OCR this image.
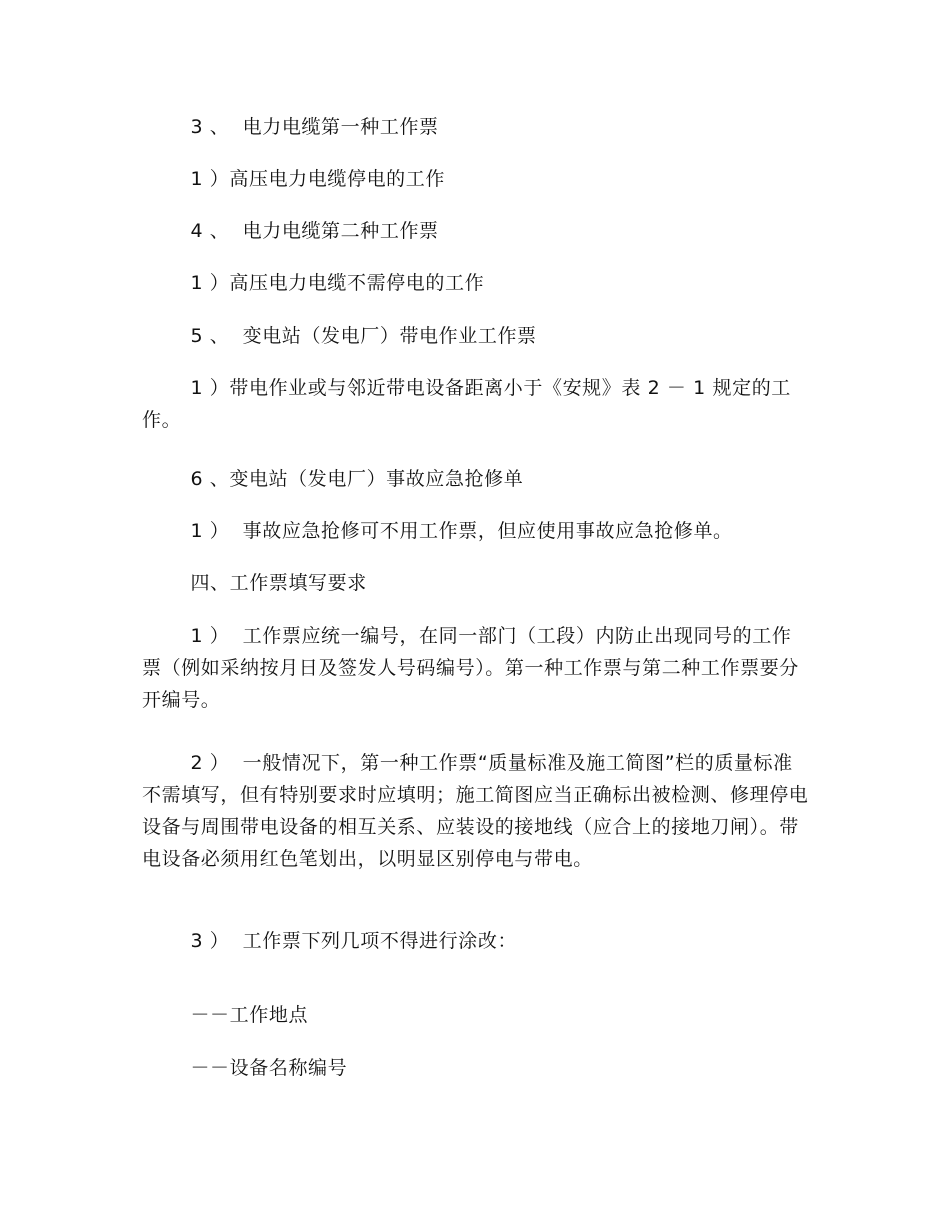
3 、  电力电缆第一种工作票

1 ）高压电力电缆停电的工作

4 、  电力电缆第二种工作票

1 ）高压电力电缆不需停电的工作

5 、  变电站（发电厂）带电作业工作票

1 ）带电作业或与邻近带电设备距离小于《安规》表 2 － 1 规定的工作。

6 、变电站（发电厂）事故应急抢修单

1 ）  事故应急抢修可不用工作票，但应使用事故应急抢修单。

四、工作票填写要求

1 ）  工作票应统一编号，在同一部门（工段）内防止出现同号的工作票（例如采纳按月日及签发人号码编号）。第一种工作票与第二种工作票要分开编号。

2 ）  一般情况下，第一种工作票“质量标准及施工简图”栏的质量标准不需填写，但有特别要求时应填明；施工简图应当正确标出被检测、修理停电设备与周围带电设备的相互关系、应装设的接地线（应合上的接地刀闸）。带电设备必须用红色笔划出，以明显区别停电与带电。

3 ）  工作票下列几项不得进行涂改：

－－工作地点

－－设备名称编号
